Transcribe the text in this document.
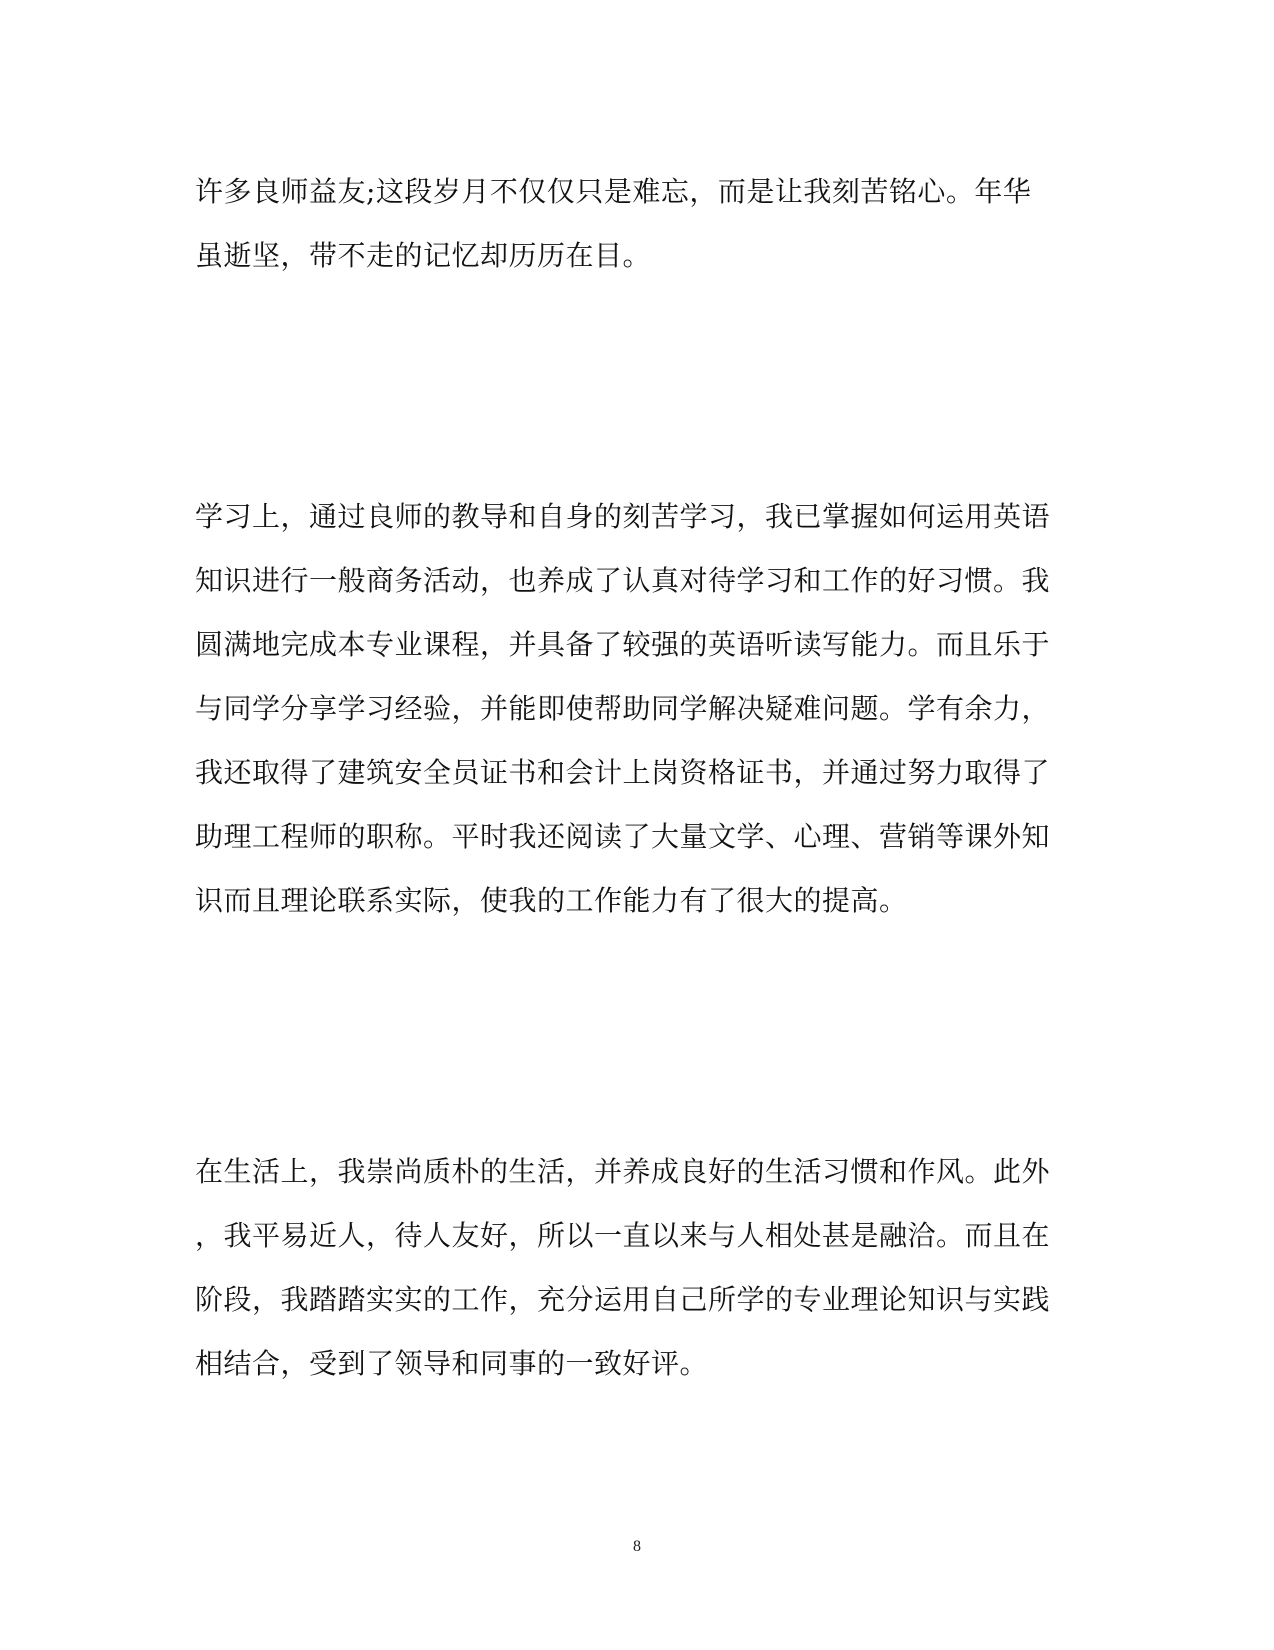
许多良师益友;这段岁月不仅仅只是难忘，而是让我刻苦铭心。年华
虽逝坚，带不走的记忆却历历在目。

学习上，通过良师的教导和自身的刻苦学习，我已掌握如何运用英语
知识进行一般商务活动，也养成了认真对待学习和工作的好习惯。我
圆满地完成本专业课程，并具备了较强的英语听读写能力。而且乐于
与同学分享学习经验，并能即使帮助同学解决疑难问题。学有余力，
我还取得了建筑安全员证书和会计上岗资格证书，并通过努力取得了
助理工程师的职称。平时我还阅读了大量文学、心理、营销等课外知
识而且理论联系实际，使我的工作能力有了很大的提高。

在生活上，我崇尚质朴的生活，并养成良好的生活习惯和作风。此外
，我平易近人，待人友好，所以一直以来与人相处甚是融洽。而且在
阶段，我踏踏实实的工作，充分运用自己所学的专业理论知识与实践
相结合，受到了领导和同事的一致好评。

8
